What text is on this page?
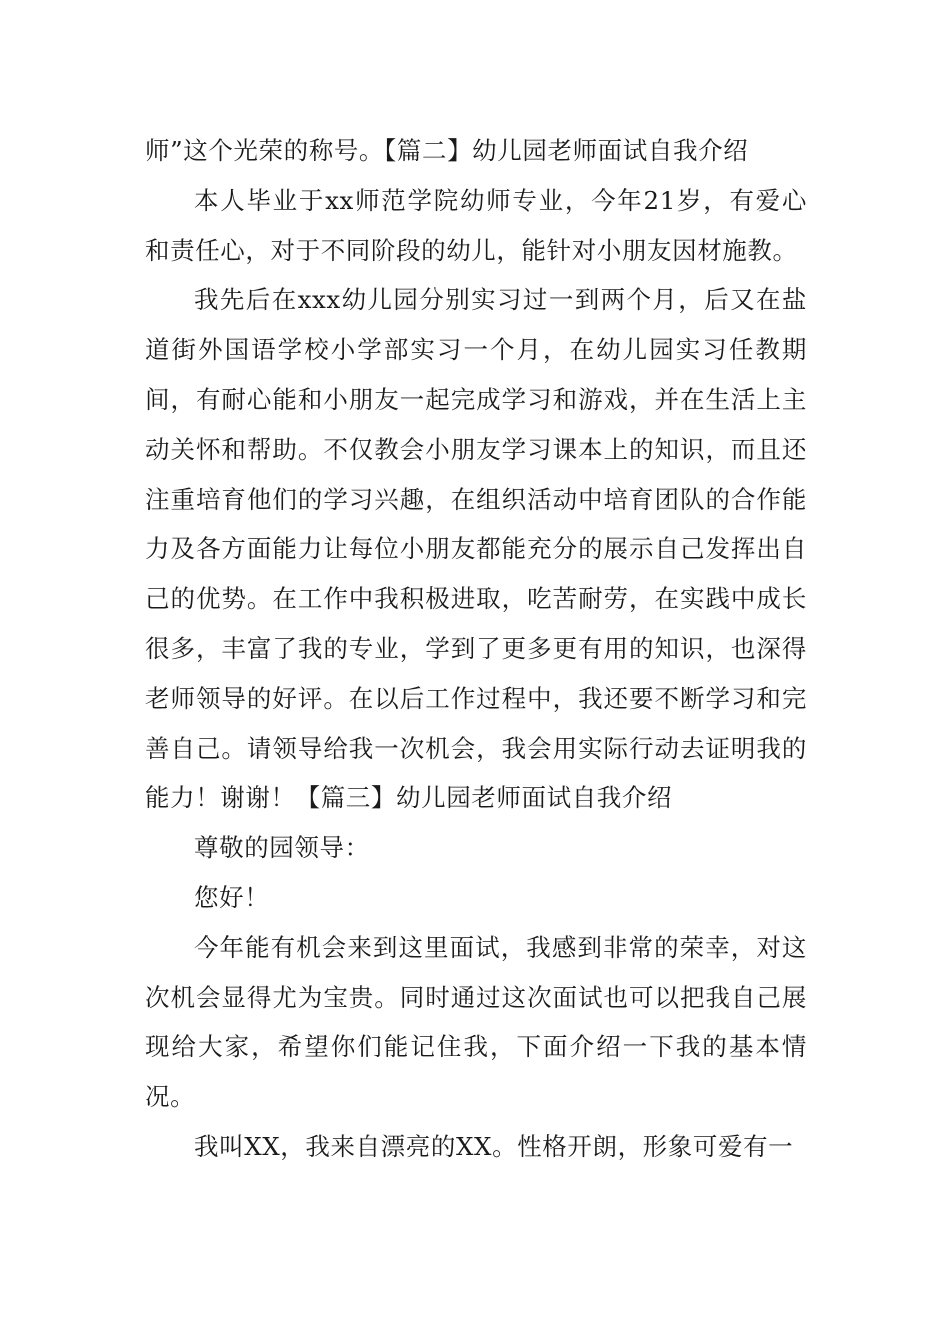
师”这个光荣的称号。【篇二】幼儿园老师面试自我介绍

本人毕业于xx师范学院幼师专业，今年21岁，有爱心和责任心，对于不同阶段的幼儿，能针对小朋友因材施教。

我先后在xxx幼儿园分别实习过一到两个月，后又在盐道街外国语学校小学部实习一个月，在幼儿园实习任教期间，有耐心能和小朋友一起完成学习和游戏，并在生活上主动关怀和帮助。不仅教会小朋友学习课本上的知识，而且还注重培育他们的学习兴趣，在组织活动中培育团队的合作能力及各方面能力让每位小朋友都能充分的展示自己发挥出自己的优势。在工作中我积极进取，吃苦耐劳，在实践中成长很多，丰富了我的专业，学到了更多更有用的知识，也深得老师领导的好评。在以后工作过程中，我还要不断学习和完善自己。请领导给我一次机会，我会用实际行动去证明我的能力！谢谢！【篇三】幼儿园老师面试自我介绍

尊敬的园领导：

您好！

今年能有机会来到这里面试，我感到非常的荣幸，对这次机会显得尤为宝贵。同时通过这次面试也可以把我自己展现给大家，希望你们能记住我，下面介绍一下我的基本情况。

我叫XX，我来自漂亮的XX。性格开朗，形象可爱有一
